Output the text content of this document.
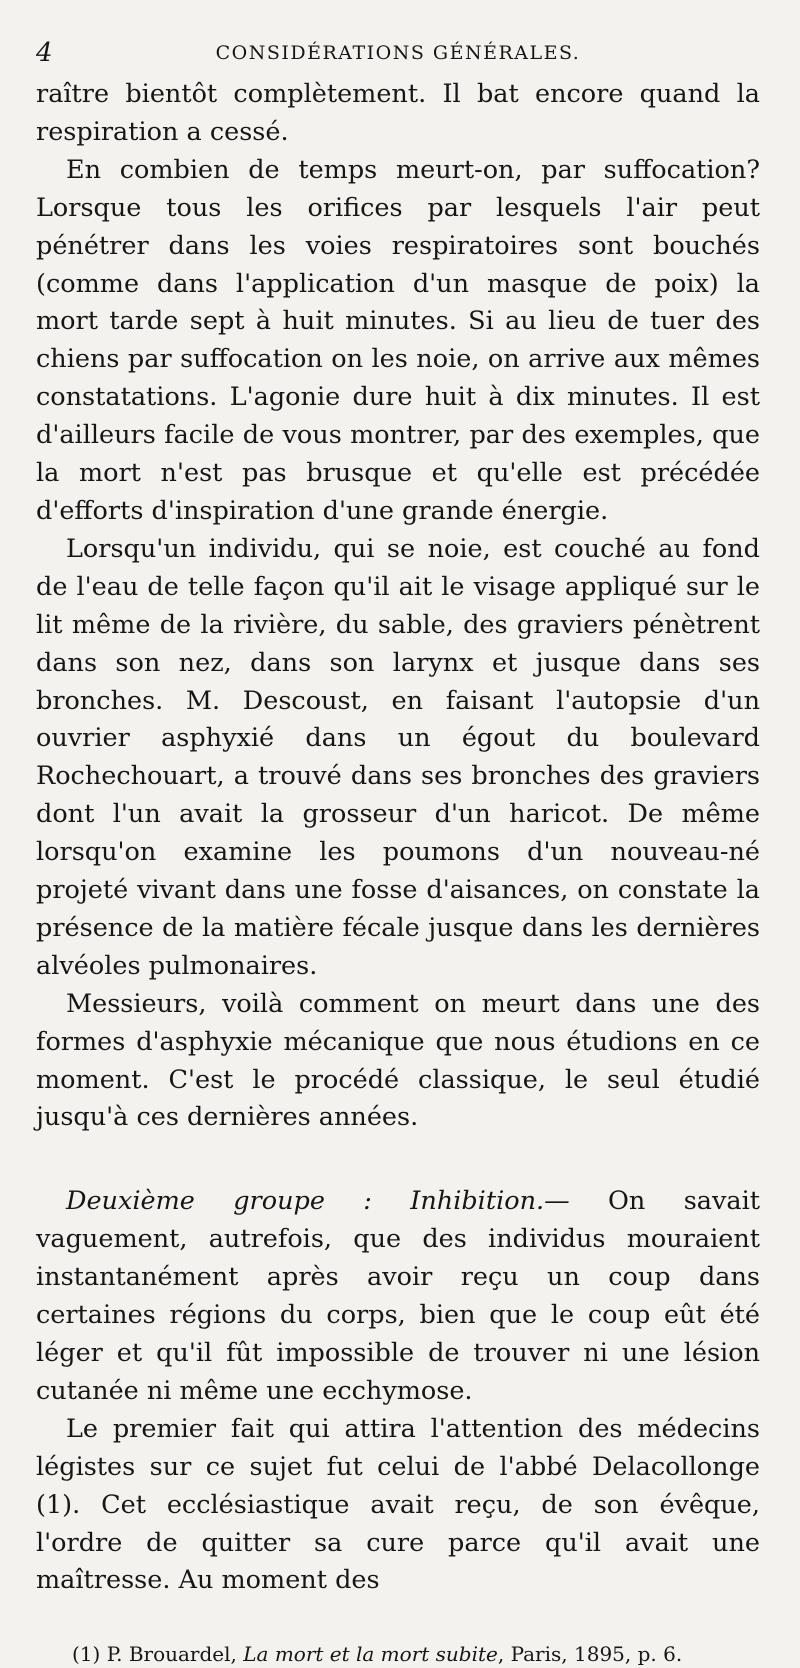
4	CONSIDÉRATIONS GÉNÉRALES.

raître bientôt complètement. Il bat encore quand la respiration a cessé.

En combien de temps meurt-on, par suffocation? Lorsque tous les orifices par lesquels l'air peut pénétrer dans les voies respiratoires sont bouchés (comme dans l'application d'un masque de poix) la mort tarde sept à huit minutes. Si au lieu de tuer des chiens par suffocation on les noie, on arrive aux mêmes constatations. L'agonie dure huit à dix minutes. Il est d'ailleurs facile de vous montrer, par des exemples, que la mort n'est pas brusque et qu'elle est précédée d'efforts d'inspiration d'une grande énergie.

Lorsqu'un individu, qui se noie, est couché au fond de l'eau de telle façon qu'il ait le visage appliqué sur le lit même de la rivière, du sable, des graviers pénètrent dans son nez, dans son larynx et jusque dans ses bronches. M. Descoust, en faisant l'autopsie d'un ouvrier asphyxié dans un égout du boulevard Rochechouart, a trouvé dans ses bronches des graviers dont l'un avait la grosseur d'un haricot. De même lorsqu'on examine les poumons d'un nouveau-né projeté vivant dans une fosse d'aisances, on constate la présence de la matière fécale jusque dans les dernières alvéoles pulmonaires.

Messieurs, voilà comment on meurt dans une des formes d'asphyxie mécanique que nous étudions en ce moment. C'est le procédé classique, le seul étudié jusqu'à ces dernières années.

Deuxième groupe : Inhibition.— On savait vaguement, autrefois, que des individus mouraient instantanément après avoir reçu un coup dans certaines régions du corps, bien que le coup eût été léger et qu'il fût impossible de trouver ni une lésion cutanée ni même une ecchymose.

Le premier fait qui attira l'attention des médecins légistes sur ce sujet fut celui de l'abbé Delacollonge (1). Cet ecclésiastique avait reçu, de son évêque, l'ordre de quitter sa cure parce qu'il avait une maîtresse. Au moment des

(1) P. Brouardel, La mort et la mort subite, Paris, 1895, p. 6.
